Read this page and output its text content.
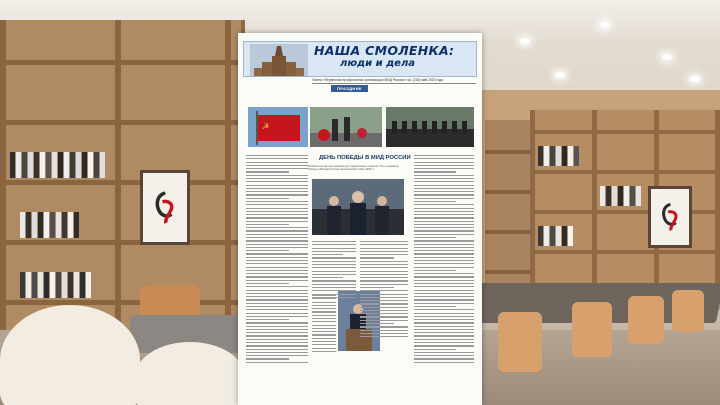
НАША СМОЛЕНКА:
люди и дела
Газета «Первичная профсоюзная организация МИД России» №1 (216) май 2020 года
ПРАЗДНИК
☭
ДЕНЬ ПОБЕДЫ В МИД РОССИИ
В Министерстве иностранных дел торжественно отметили 75-ю годовщину Победы в Великой Отечественной войне 1941–1945 гг.
